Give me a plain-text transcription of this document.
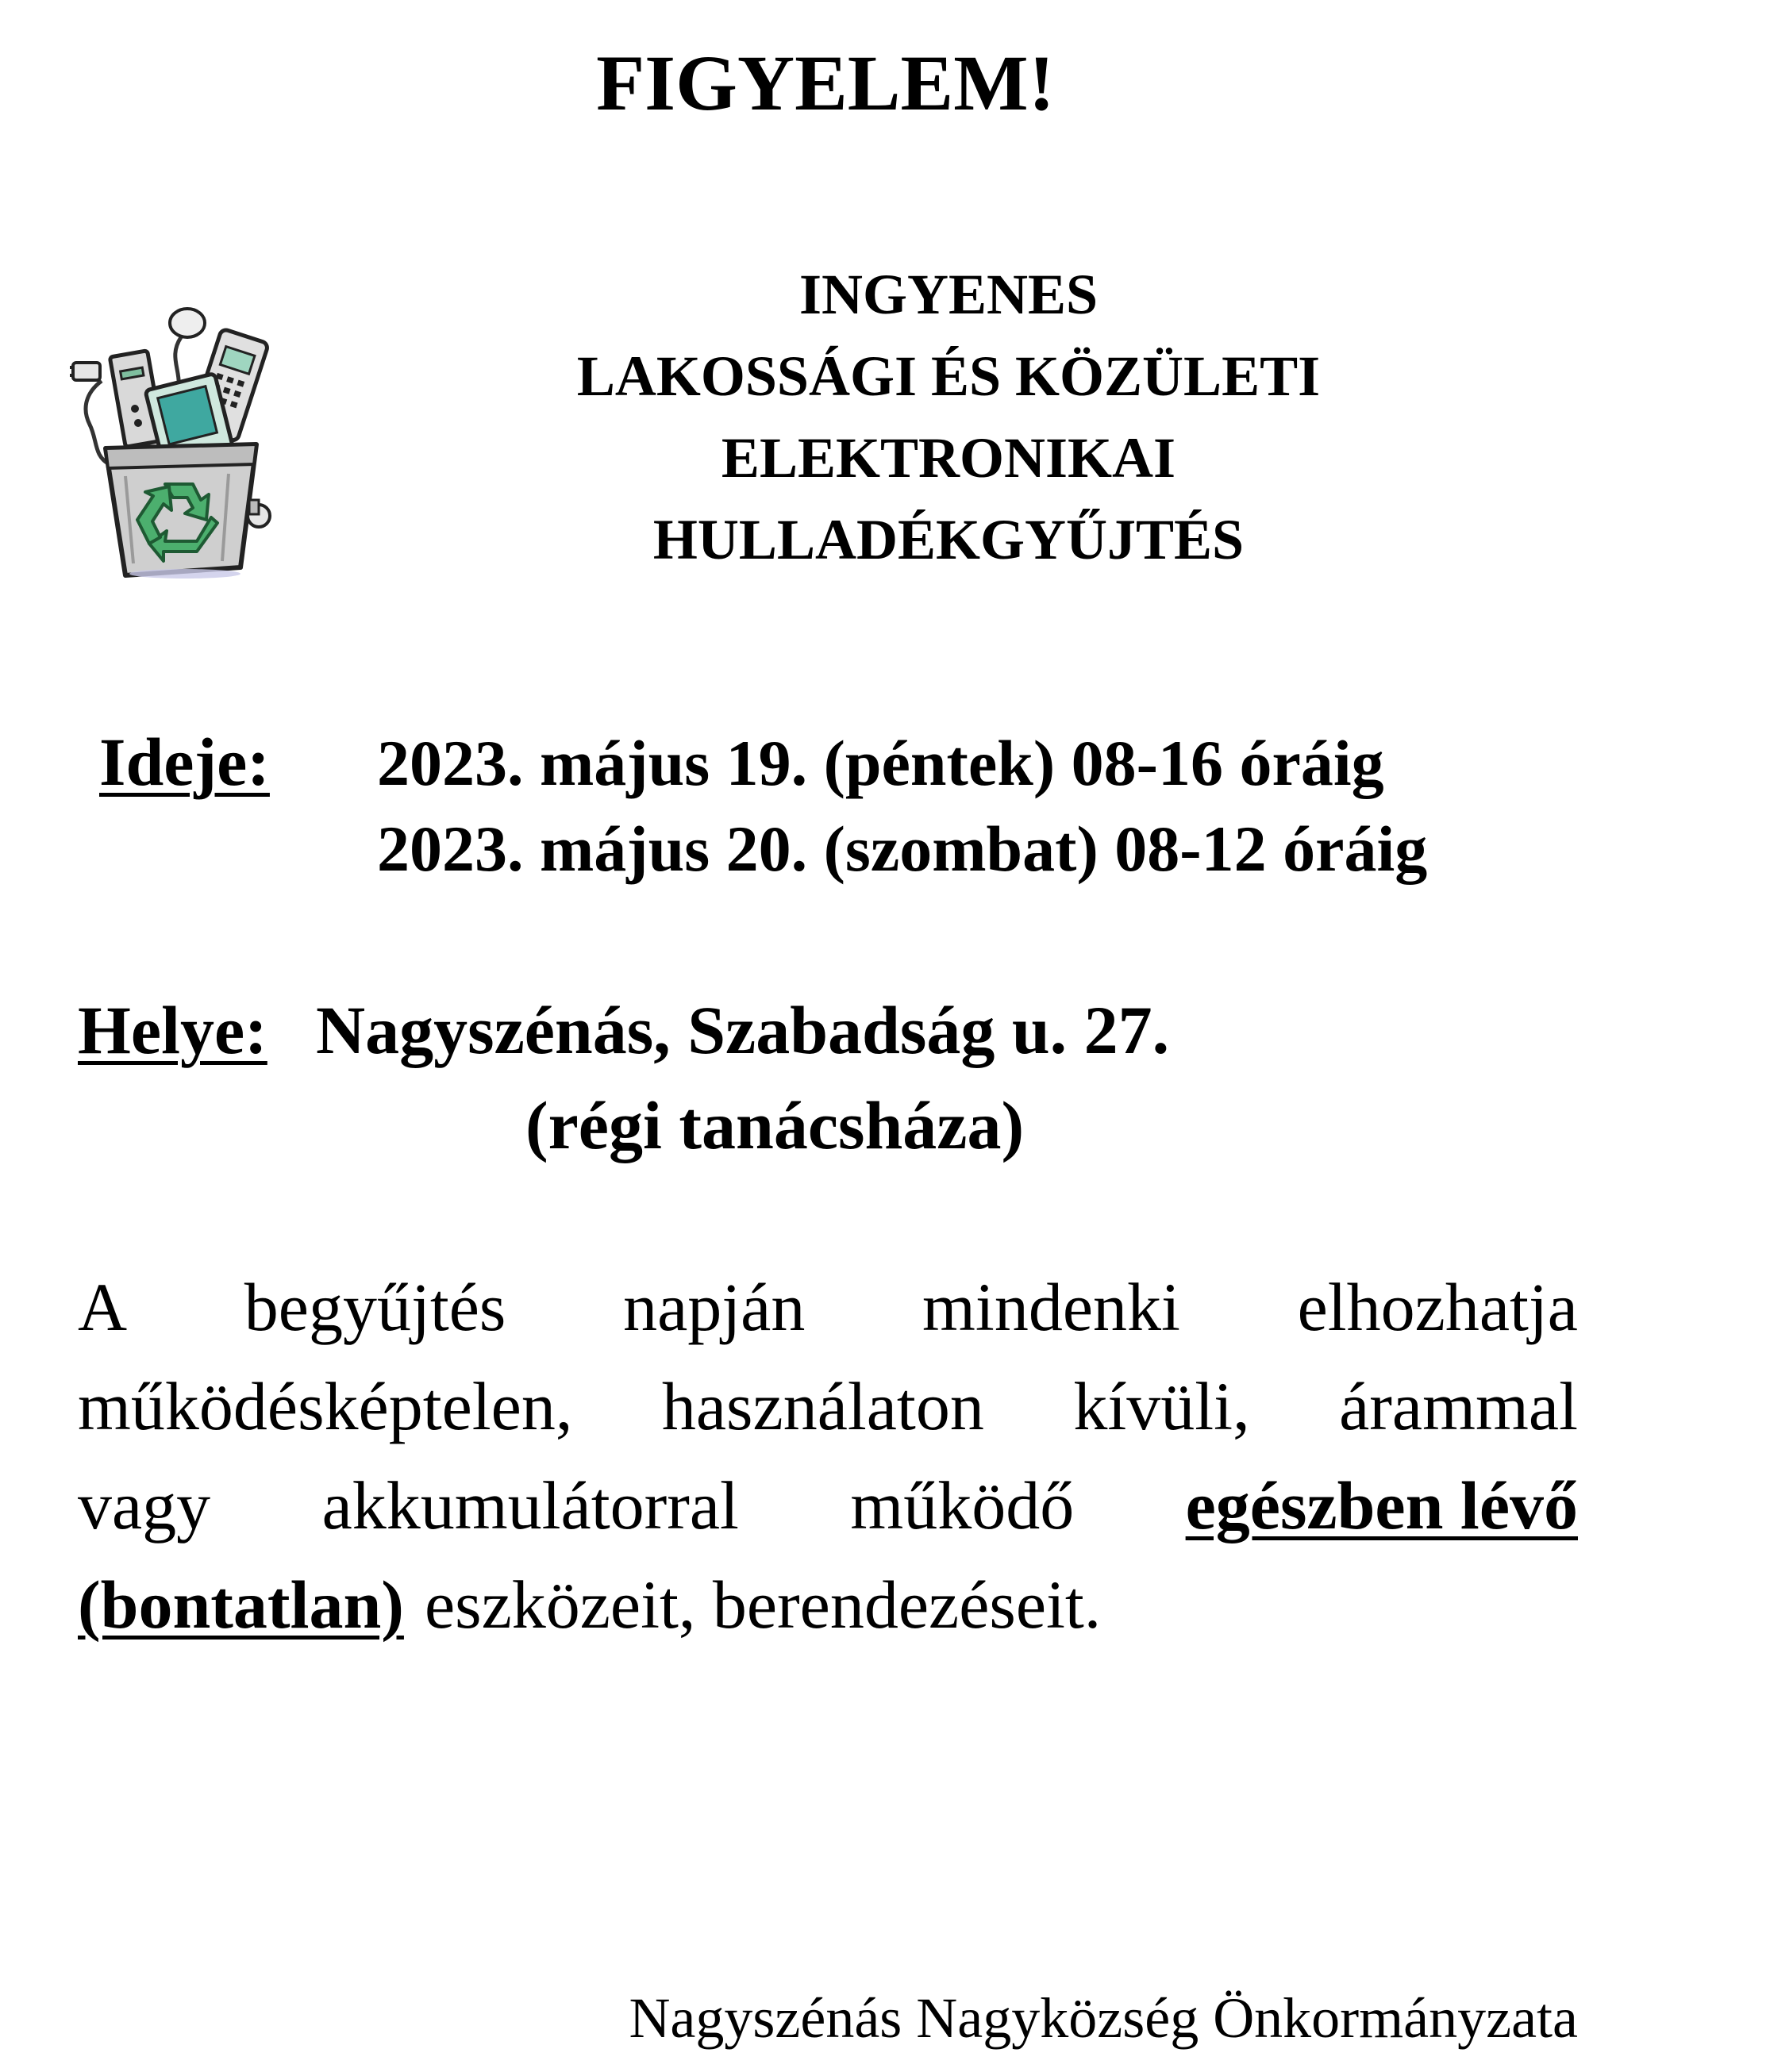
FIGYELEM!
INGYENES
LAKOSSÁGI ÉS KÖZÜLETI
ELEKTRONIKAI
HULLADÉKGYŰJTÉS
Ideje: 2023. május 19. (péntek) 08-16 óráig
2023. május 20. (szombat) 08-12 óráig
Helye: Nagyszénás, Szabadság u. 27.
(régi tanácsháza)
A begyűjtés napján mindenki elhozhatja
működésképtelen, használaton kívüli, árammal
vagy akkumulátorral működő egészben lévő
(bontatlan) eszközeit, berendezéseit.
Nagyszénás Nagyközség Önkormányzata
